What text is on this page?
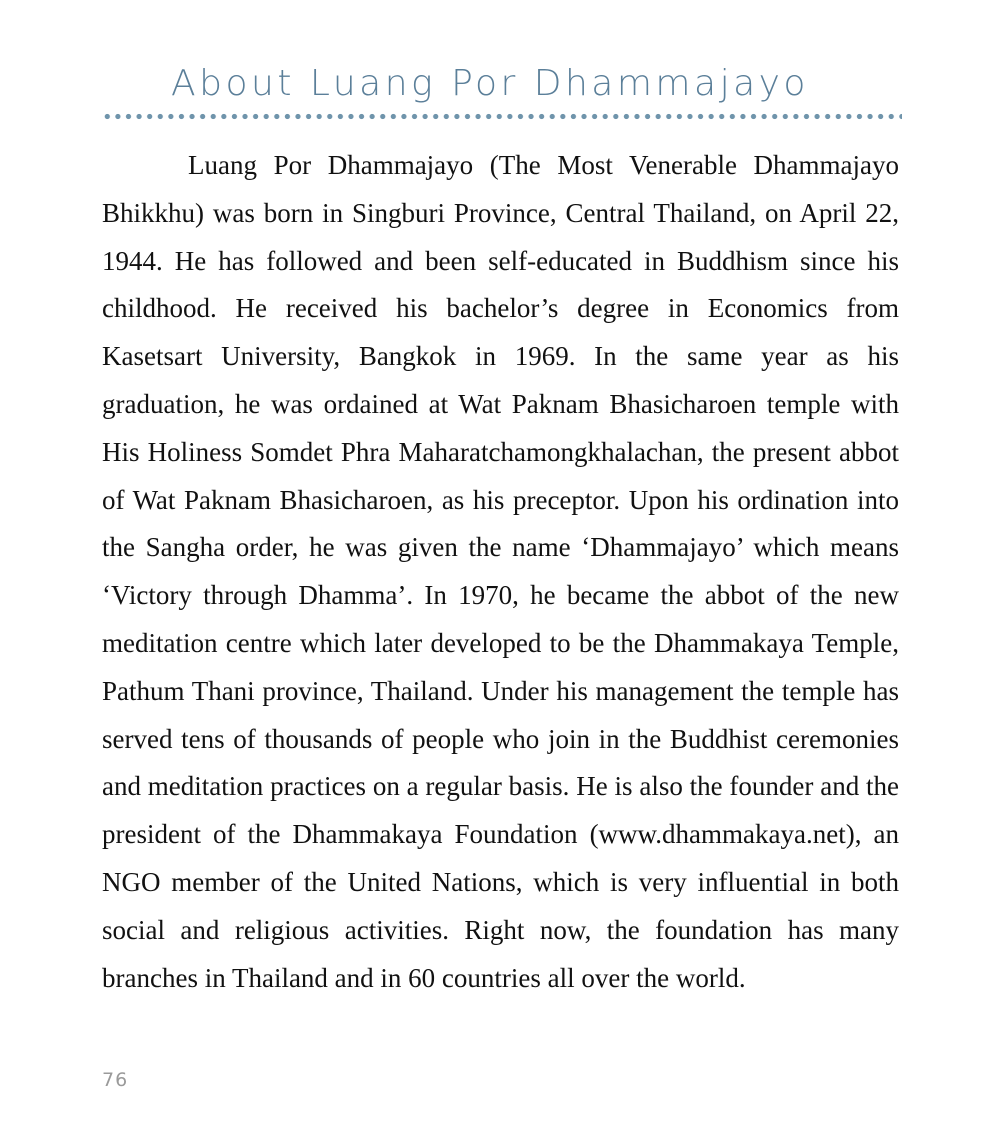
About Luang Por Dhammajayo

Luang Por Dhammajayo (The Most Venerable Dhammajayo Bhikkhu) was born in Singburi Province, Central Thailand, on April 22, 1944. He has followed and been self-educated in Buddhism since his childhood. He received his bachelor’s degree in Economics from Kasetsart University, Bangkok in 1969. In the same year as his graduation, he was ordained at Wat Paknam Bhasicharoen temple with His Holiness Somdet Phra Maharatchamongkhalachan, the present abbot of Wat Paknam Bhasicharoen, as his preceptor. Upon his ordination into the Sangha order, he was given the name ‘Dhammajayo’ which means ‘Victory through Dhamma’. In 1970, he became the abbot of the new meditation centre which later developed to be the Dhammakaya Temple, Pathum Thani province, Thailand. Under his management the temple has served tens of thousands of people who join in the Buddhist ceremonies and meditation practices on a regular basis. He is also the founder and the president of the Dhammakaya Foundation (www.dhammakaya.net), an NGO member of the United Nations, which is very influential in both social and religious activities. Right now, the foundation has many branches in Thailand and in 60 countries all over the world.

76
